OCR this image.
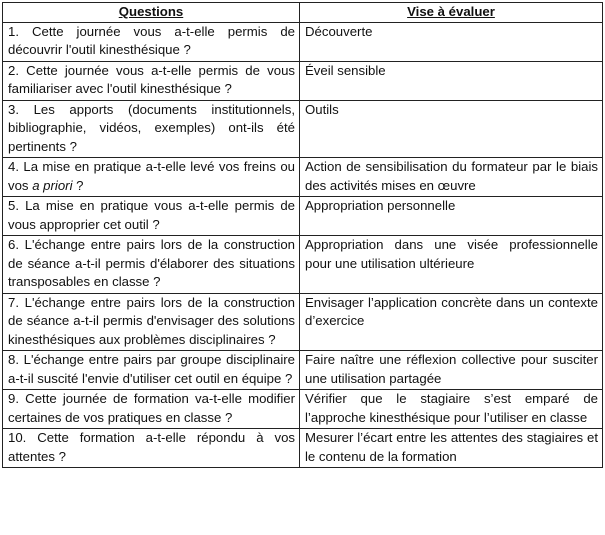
Questions	Vise à évaluer
1. Cette journée vous a-t-elle permis de découvrir l'outil kinesthésique ?	Découverte
2. Cette journée vous a-t-elle permis de vous familiariser avec l'outil kinesthésique ?	Éveil sensible
3. Les apports (documents institutionnels, bibliographie, vidéos, exemples) ont-ils été pertinents ?	Outils
4. La mise en pratique a-t-elle levé vos freins ou vos a priori ?	Action de sensibilisation du formateur par le biais des activités mises en œuvre
5. La mise en pratique vous a-t-elle permis de vous approprier cet outil ?	Appropriation personnelle
6. L'échange entre pairs lors de la construction de séance a-t-il permis d'élaborer des situations transposables en classe ?	Appropriation dans une visée professionnelle pour une utilisation ultérieure
7. L'échange entre pairs lors de la construction de séance a-t-il permis d'envisager des solutions kinesthésiques aux problèmes disciplinaires ?	Envisager l’application concrète dans un contexte d’exercice
8. L'échange entre pairs par groupe disciplinaire a-t-il suscité l'envie d'utiliser cet outil en équipe ?	Faire naître une réflexion collective pour susciter une utilisation partagée
9. Cette journée de formation va-t-elle modifier certaines de vos pratiques en classe ?	Vérifier que le stagiaire s’est emparé de l’approche kinesthésique pour l’utiliser en classe
10. Cette formation a-t-elle répondu à vos attentes ?	Mesurer l’écart entre les attentes des stagiaires et le contenu de la formation
